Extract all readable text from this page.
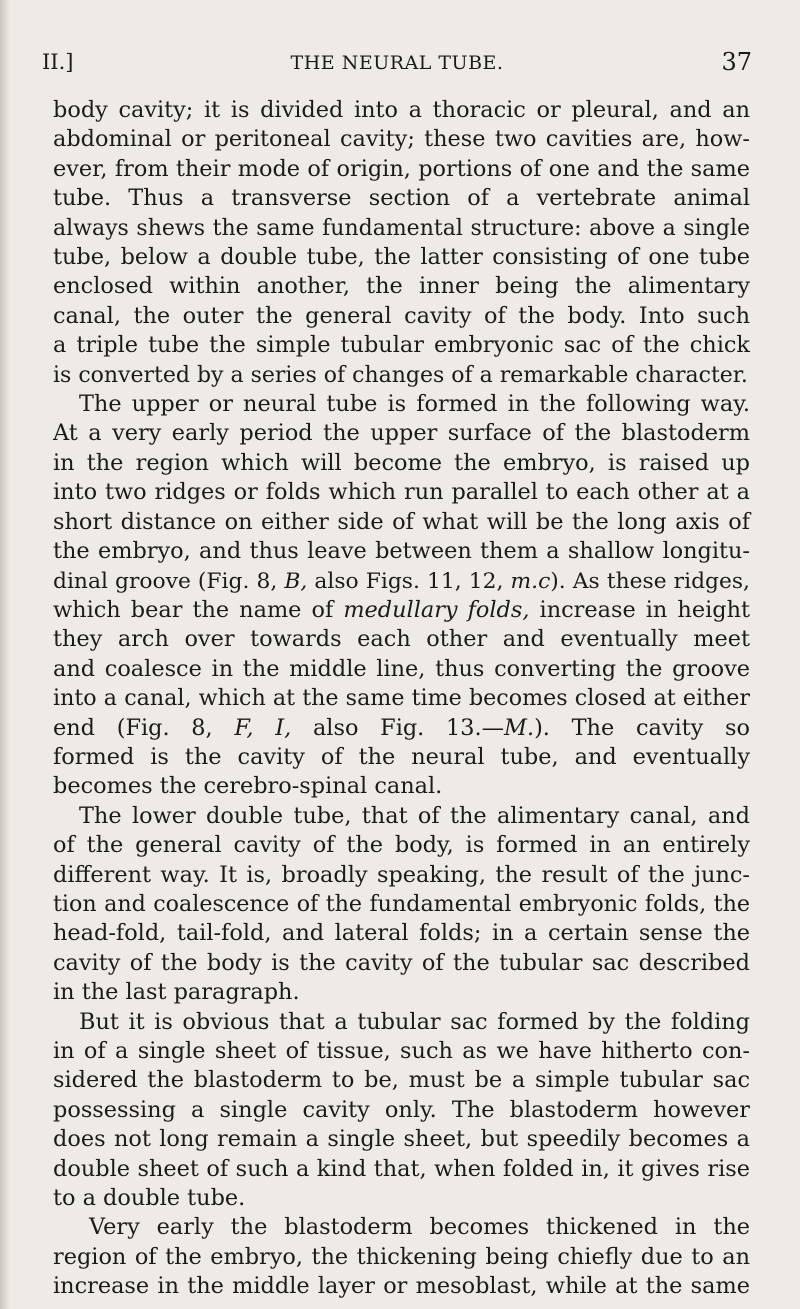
II.]	THE NEURAL TUBE.	37
body cavity; it is divided into a thoracic or pleural, and an
abdominal or peritoneal cavity; these two cavities are, how-
ever, from their mode of origin, portions of one and the same
tube. Thus a transverse section of a vertebrate animal
always shews the same fundamental structure: above a single
tube, below a double tube, the latter consisting of one tube
enclosed within another, the inner being the alimentary
canal, the outer the general cavity of the body. Into such
a triple tube the simple tubular embryonic sac of the chick
is converted by a series of changes of a remarkable character.
The upper or neural tube is formed in the following way.
At a very early period the upper surface of the blastoderm
in the region which will become the embryo, is raised up
into two ridges or folds which run parallel to each other at a
short distance on either side of what will be the long axis of
the embryo, and thus leave between them a shallow longitu-
dinal groove (Fig. 8, B, also Figs. 11, 12, m.c). As these ridges,
which bear the name of medullary folds, increase in height
they arch over towards each other and eventually meet
and coalesce in the middle line, thus converting the groove
into a canal, which at the same time becomes closed at either
end (Fig. 8, F, I, also Fig. 13.—M.). The cavity so
formed is the cavity of the neural tube, and eventually
becomes the cerebro-spinal canal.
The lower double tube, that of the alimentary canal, and
of the general cavity of the body, is formed in an entirely
different way. It is, broadly speaking, the result of the junc-
tion and coalescence of the fundamental embryonic folds, the
head-fold, tail-fold, and lateral folds; in a certain sense the
cavity of the body is the cavity of the tubular sac described
in the last paragraph.
But it is obvious that a tubular sac formed by the folding
in of a single sheet of tissue, such as we have hitherto con-
sidered the blastoderm to be, must be a simple tubular sac
possessing a single cavity only. The blastoderm however
does not long remain a single sheet, but speedily becomes a
double sheet of such a kind that, when folded in, it gives rise
to a double tube.
Very early the blastoderm becomes thickened in the
region of the embryo, the thickening being chiefly due to an
increase in the middle layer or mesoblast, while at the same
